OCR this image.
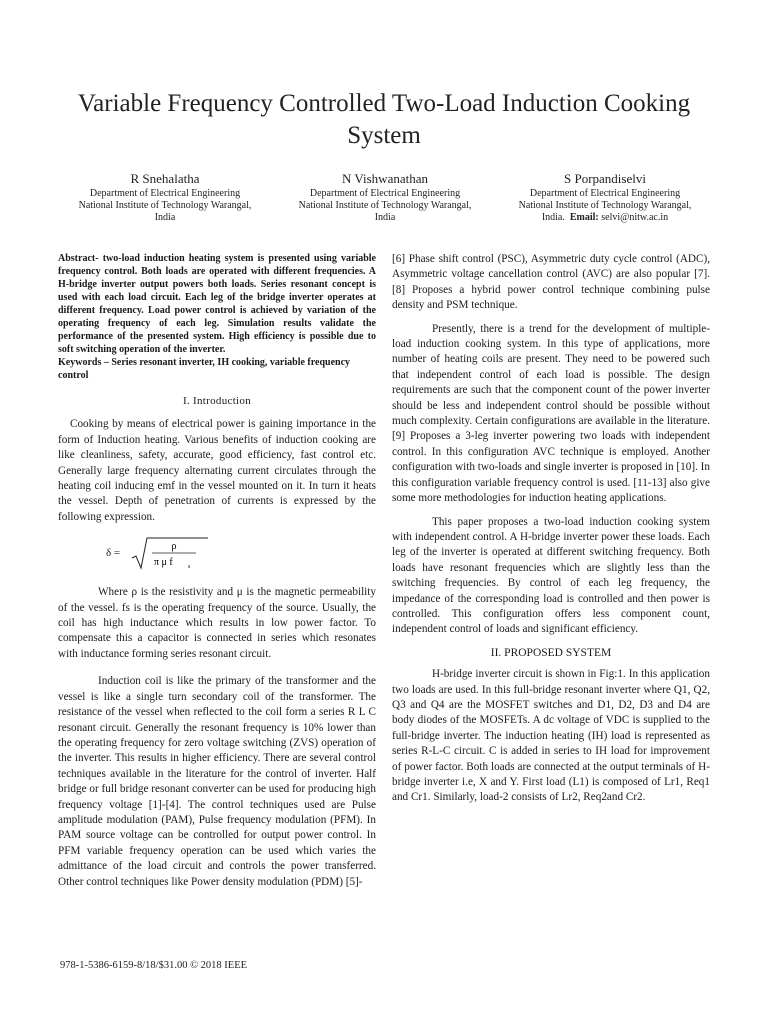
Variable Frequency Controlled Two-Load Induction Cooking System
R Snehalatha
Department of Electrical Engineering
National Institute of Technology Warangal,
India
N Vishwanathan
Department of Electrical Engineering
National Institute of Technology Warangal,
India
S Porpandiselvi
Department of Electrical Engineering
National Institute of Technology Warangal,
India. Email: selvi@nitw.ac.in

Abstract- two-load induction heating system is presented using variable frequency control. Both loads are operated with different frequencies. A H-bridge inverter output powers both loads. Series resonant concept is used with each load circuit. Each leg of the bridge inverter operates at different frequency. Load power control is achieved by variation of the operating frequency of each leg. Simulation results validate the performance of the presented system. High efficiency is possible due to soft switching operation of the inverter.

Keywords – Series resonant inverter, IH cooking, variable frequency control

I. Introduction

Cooking by means of electrical power is gaining importance in the form of Induction heating. Various benefits of induction cooking are like cleanliness, safety, accurate, good efficiency, fast control etc. Generally large frequency alternating current circulates through the heating coil inducing emf in the vessel mounted on it. In turn it heats the vessel. Depth of penetration of currents is expressed by the following expression.

δ =	ρ
π μ f	s

Where ρ is the resistivity and μ is the magnetic permeability of the vessel. fs is the operating frequency of the source. Usually, the coil has high inductance which results in low power factor. To compensate this a capacitor is connected in series which resonates with inductance forming series resonant circuit.

Induction coil is like the primary of the transformer and the vessel is like a single turn secondary coil of the transformer. The resistance of the vessel when reflected to the coil form a series R L C resonant circuit. Generally the resonant frequency is 10% lower than the operating frequency for zero voltage switching (ZVS) operation of the inverter. This results in higher efficiency. There are several control techniques available in the literature for the control of inverter. Half bridge or full bridge resonant converter can be used for producing high frequency voltage [1]-[4]. The control techniques used are Pulse amplitude modulation (PAM), Pulse frequency modulation (PFM). In PAM source voltage can be controlled for output power control. In PFM variable frequency operation can be used which varies the admittance of the load circuit and controls the power transferred. Other control techniques like Power density modulation (PDM) [5]-

[6] Phase shift control (PSC), Asymmetric duty cycle control (ADC), Asymmetric voltage cancellation control (AVC) are also popular [7]. [8] Proposes a hybrid power control technique combining pulse density and PSM technique.

Presently, there is a trend for the development of multiple-load induction cooking system. In this type of applications, more number of heating coils are present. They need to be powered such that independent control of each load is possible. The design requirements are such that the component count of the power inverter should be less and independent control should be possible without much complexity. Certain configurations are available in the literature. [9] Proposes a 3-leg inverter powering two loads with independent control. In this configuration AVC technique is employed. Another configuration with two-loads and single inverter is proposed in [10]. In this configuration variable frequency control is used. [11-13] also give some more methodologies for induction heating applications.

This paper proposes a two-load induction cooking system with independent control. A H-bridge inverter power these loads. Each leg of the inverter is operated at different switching frequency. Both loads have resonant frequencies which are slightly less than the switching frequencies. By control of each leg frequency, the impedance of the corresponding load is controlled and then power is controlled. This configuration offers less component count, independent control of loads and significant efficiency.

II. PROPOSED SYSTEM

H-bridge inverter circuit is shown in Fig:1. In this application two loads are used. In this full-bridge resonant inverter where Q1, Q2, Q3 and Q4 are the MOSFET switches and D1, D2, D3 and D4 are body diodes of the MOSFETs. A dc voltage of VDC is supplied to the full-bridge inverter. The induction heating (IH) load is represented as series R-L-C circuit. C is added in series to IH load for improvement of power factor. Both loads are connected at the output terminals of H-bridge inverter i.e, X and Y. First load (L1) is composed of Lr1, Req1 and Cr1. Similarly, load-2 consists of Lr2, Req2and Cr2.

978-1-5386-6159-8/18/$31.00 © 2018 IEEE
